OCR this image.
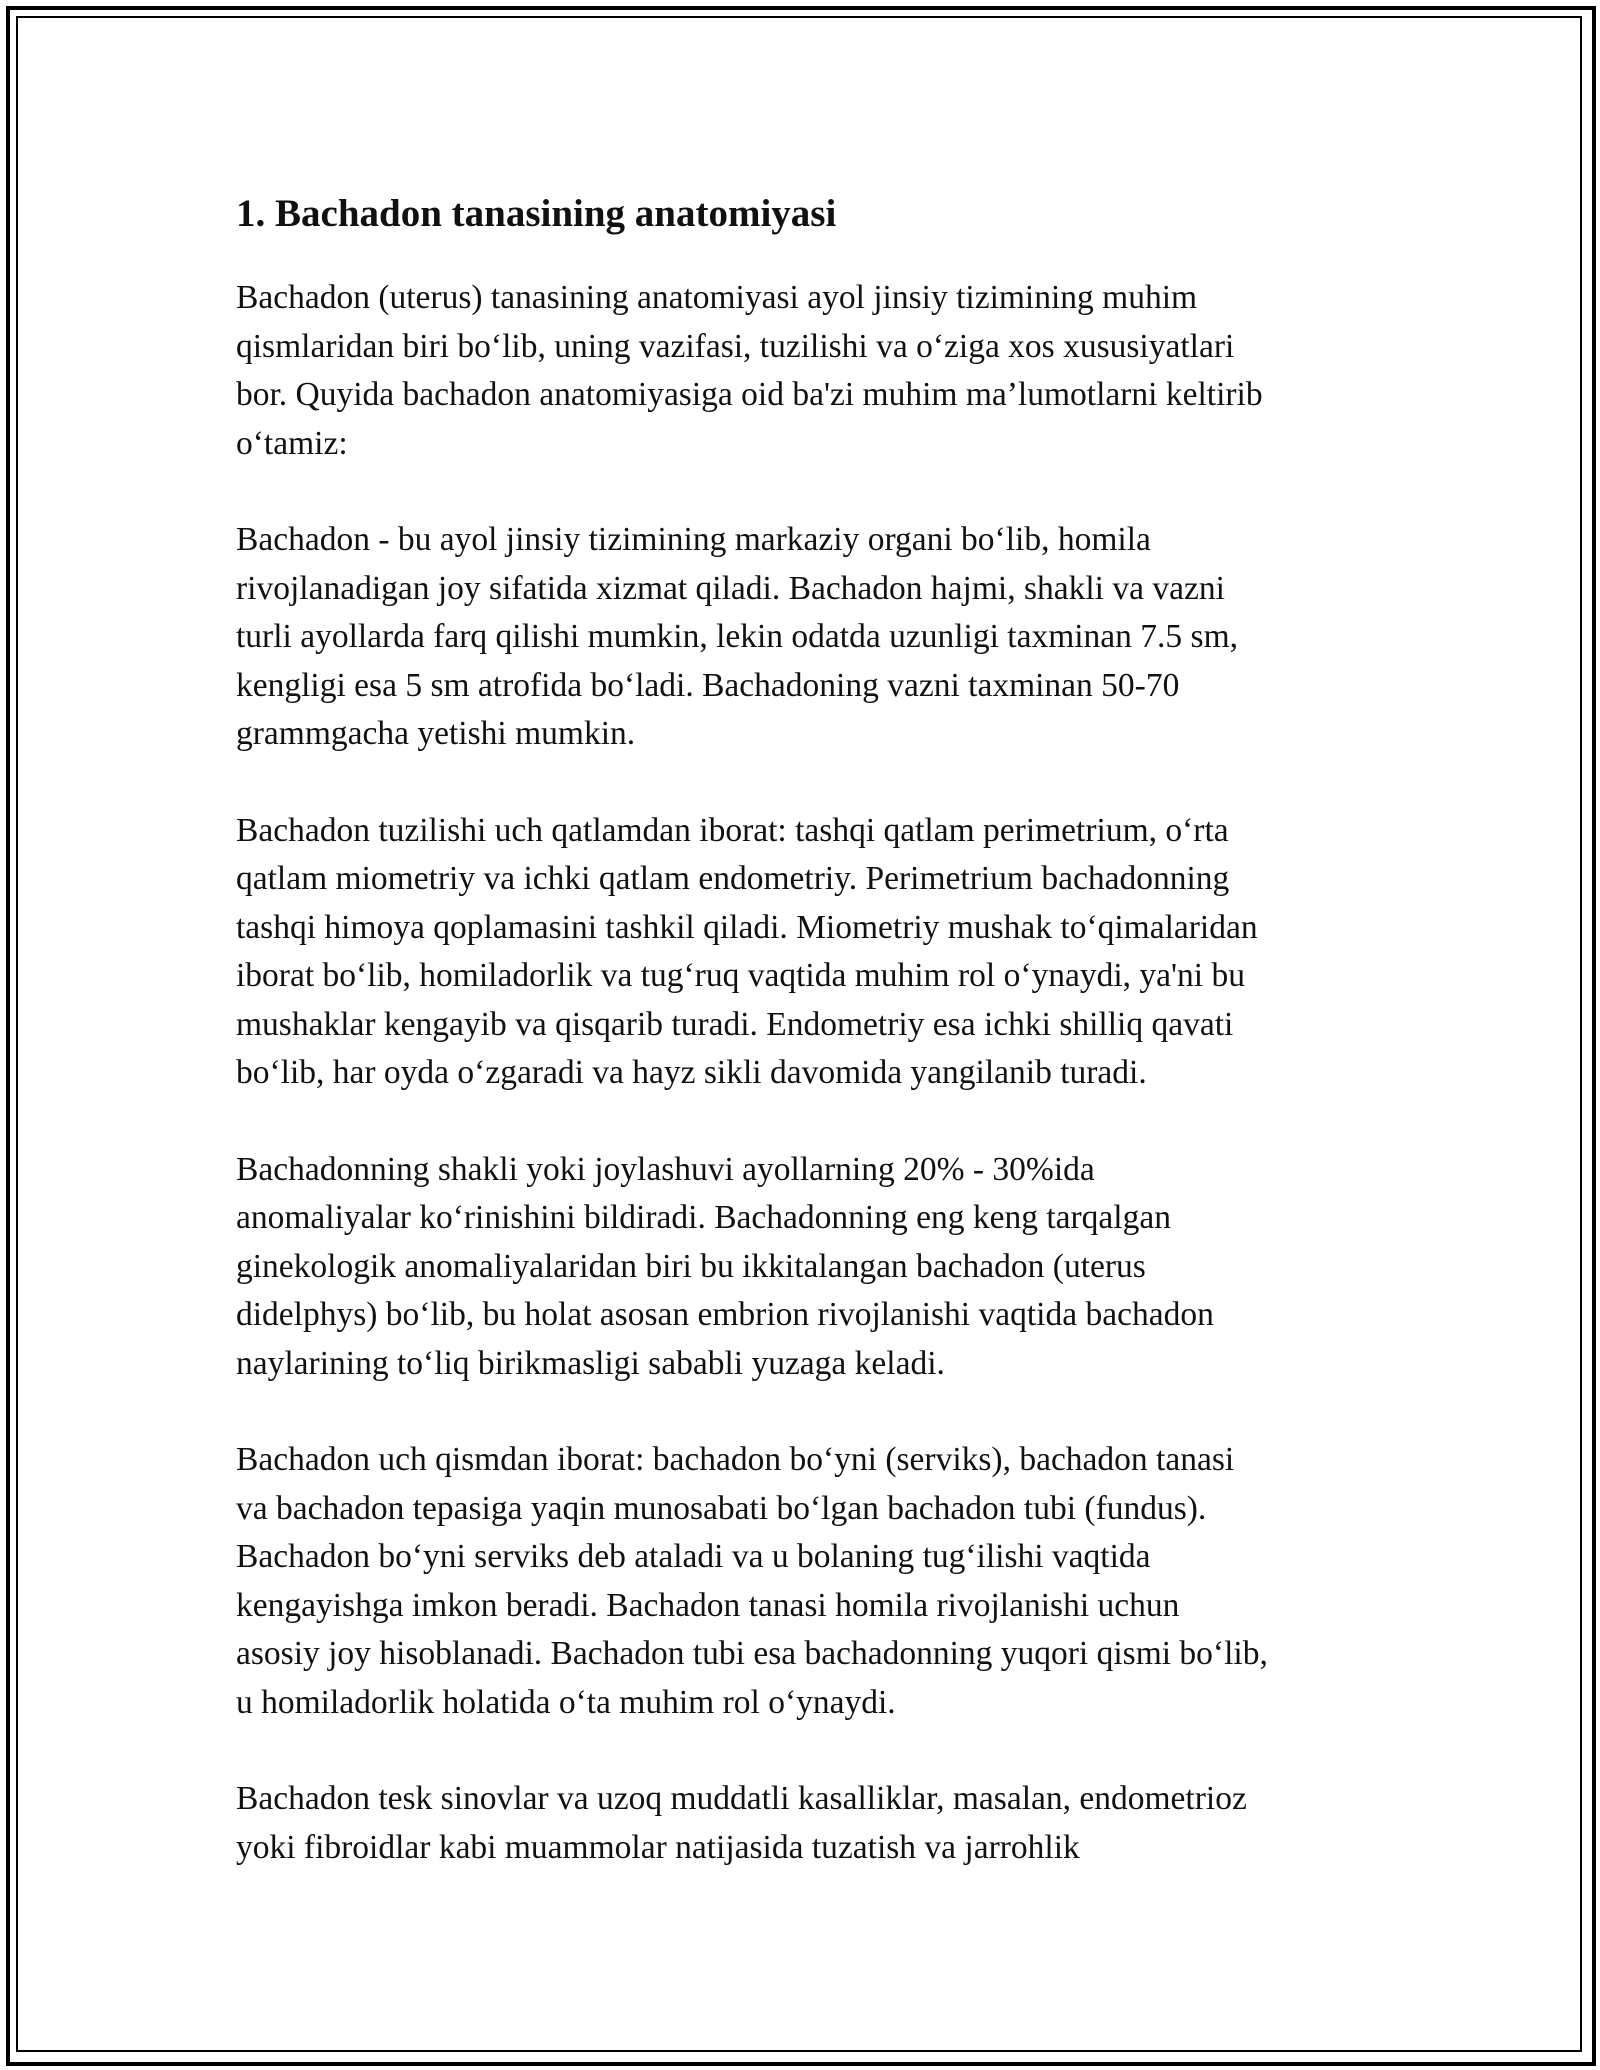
1. Bachadon tanasining anatomiyasi

Bachadon (uterus) tanasining anatomiyasi ayol jinsiy tizimining muhim
qismlaridan biri bo‘lib, uning vazifasi, tuzilishi va o‘ziga xos xususiyatlari
bor. Quyida bachadon anatomiyasiga oid ba'zi muhim ma’lumotlarni keltirib
o‘tamiz:

Bachadon - bu ayol jinsiy tizimining markaziy organi bo‘lib, homila
rivojlanadigan joy sifatida xizmat qiladi. Bachadon hajmi, shakli va vazni
turli ayollarda farq qilishi mumkin, lekin odatda uzunligi taxminan 7.5 sm,
kengligi esa 5 sm atrofida bo‘ladi. Bachadoning vazni taxminan 50-70
grammgacha yetishi mumkin.

Bachadon tuzilishi uch qatlamdan iborat: tashqi qatlam perimetrium, o‘rta
qatlam miometriy va ichki qatlam endometriy. Perimetrium bachadonning
tashqi himoya qoplamasini tashkil qiladi. Miometriy mushak to‘qimalaridan
iborat bo‘lib, homiladorlik va tug‘ruq vaqtida muhim rol o‘ynaydi, ya'ni bu
mushaklar kengayib va qisqarib turadi. Endometriy esa ichki shilliq qavati
bo‘lib, har oyda o‘zgaradi va hayz sikli davomida yangilanib turadi.

Bachadonning shakli yoki joylashuvi ayollarning 20% - 30%ida
anomaliyalar ko‘rinishini bildiradi. Bachadonning eng keng tarqalgan
ginekologik anomaliyalaridan biri bu ikkitalangan bachadon (uterus
didelphys) bo‘lib, bu holat asosan embrion rivojlanishi vaqtida bachadon
naylarining to‘liq birikmasligi sababli yuzaga keladi.

Bachadon uch qismdan iborat: bachadon bo‘yni (serviks), bachadon tanasi
va bachadon tepasiga yaqin munosabati bo‘lgan bachadon tubi (fundus).
Bachadon bo‘yni serviks deb ataladi va u bolaning tug‘ilishi vaqtida
kengayishga imkon beradi. Bachadon tanasi homila rivojlanishi uchun
asosiy joy hisoblanadi. Bachadon tubi esa bachadonning yuqori qismi bo‘lib,
u homiladorlik holatida o‘ta muhim rol o‘ynaydi.

Bachadon tesk sinovlar va uzoq muddatli kasalliklar, masalan, endometrioz
yoki fibroidlar kabi muammolar natijasida tuzatish va jarrohlik
